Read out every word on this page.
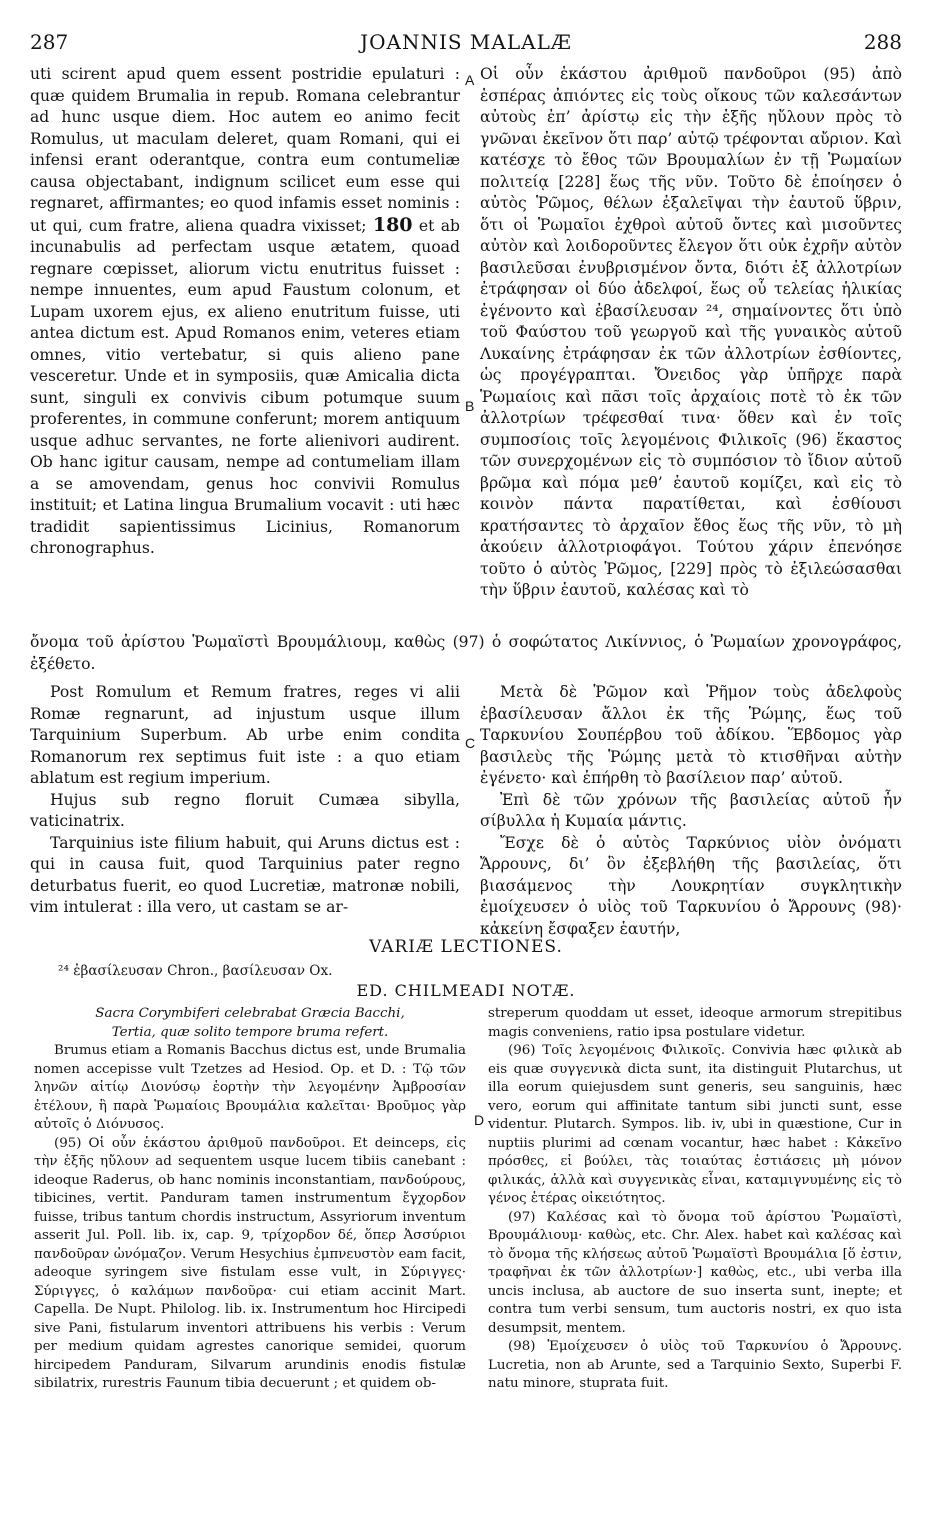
287	JOANNIS MALALÆ	288

uti scirent apud quem essent postridie epulaturi : quæ quidem Brumalia in repub. Romana celebrantur ad hunc usque diem. Hoc autem eo animo fecit Romulus, ut maculam deleret, quam Romani, qui ei infensi erant oderantque, contra eum contumeliæ causa objectabant, indignum scilicet eum esse qui regnaret, affirmantes; eo quod infamis esset nominis : ut qui, cum fratre, aliena quadra vixisset; 180 et ab incunabulis ad perfectam usque ætatem, quoad regnare cœpisset, aliorum victu enutritus fuisset : nempe innuentes, eum apud Faustum colonum, et Lupam uxorem ejus, ex alieno enutritum fuisse, uti antea dictum est. Apud Romanos enim, veteres etiam omnes, vitio vertebatur, si quis alieno pane vesceretur. Unde et in symposiis, quæ Amicalia dicta sunt, singuli ex convivis cibum potumque suum proferentes, in commune conferunt; morem antiquum usque adhuc servantes, ne forte alienivori audirent. Ob hanc igitur causam, nempe ad contumeliam illam a se amovendam, genus hoc convivii Romulus instituit; et Latina lingua Brumalium vocavit : uti hæc tradidit sapientissimus Licinius, Romanorum chronographus.

A
B

Οἱ οὖν ἑκάστου ἀριθμοῦ πανδοῦροι (95) ἀπὸ ἑσπέρας ἀπιόντες εἰς τοὺς οἴκους τῶν καλεσάντων αὐτοὺς ἐπ’ ἀρίστῳ εἰς τὴν ἑξῆς ηὔλουν πρὸς τὸ γνῶναι ἐκεῖνον ὅτι παρ’ αὐτῷ τρέφονται αὔριον. Καὶ κατέσχε τὸ ἔθος τῶν Βρουμαλίων ἐν τῇ Ῥωμαίων πολιτείᾳ [228] ἕως τῆς νῦν. Τοῦτο δὲ ἐποίησεν ὁ αὐτὸς Ῥῶμος, θέλων ἐξαλεῖψαι τὴν ἑαυτοῦ ὕβριν, ὅτι οἱ Ῥωμαῖοι ἐχθροὶ αὐτοῦ ὄντες καὶ μισοῦντες αὐτὸν καὶ λοιδοροῦντες ἔλεγον ὅτι οὐκ ἐχρῆν αὐτὸν βασιλεῦσαι ἐνυβρισμένον ὄντα, διότι ἐξ ἀλλοτρίων ἐτράφησαν οἱ δύο ἀδελφοί, ἕως οὗ τελείας ἡλικίας ἐγένοντο καὶ ἐβασίλευσαν ²⁴, σημαίνοντες ὅτι ὑπὸ τοῦ Φαύστου τοῦ γεωργοῦ καὶ τῆς γυναικὸς αὐτοῦ Λυκαίνης ἐτράφησαν ἐκ τῶν ἀλλοτρίων ἐσθίοντες, ὡς προγέγραπται. Ὄνειδος γὰρ ὑπῆρχε παρὰ Ῥωμαίοις καὶ πᾶσι τοῖς ἀρχαίοις ποτὲ τὸ ἐκ τῶν ἀλλοτρίων τρέφεσθαί τινα· ὅθεν καὶ ἐν τοῖς συμποσίοις τοῖς λεγομένοις Φιλικοῖς (96) ἕκαστος τῶν συνερχομένων εἰς τὸ συμπόσιον τὸ ἴδιον αὐτοῦ βρῶμα καὶ πόμα μεθ’ ἑαυτοῦ κομίζει, καὶ εἰς τὸ κοινὸν πάντα παρατίθεται, καὶ ἐσθίουσι κρατήσαντες τὸ ἀρχαῖον ἔθος ἕως τῆς νῦν, τὸ μὴ ἀκούειν ἀλλοτριοφάγοι. Τούτου χάριν ἐπενόησε τοῦτο ὁ αὐτὸς Ῥῶμος, [229] πρὸς τὸ ἐξιλεώσασθαι τὴν ὕβριν ἑαυτοῦ, καλέσας καὶ τὸ

ὄνομα τοῦ ἀρίστου Ῥωμαϊστὶ Βρουμάλιουμ, καθὼς (97) ὁ σοφώτατος Λικίννιος, ὁ Ῥωμαίων χρονογράφος, ἐξέθετο.

Post Romulum et Remum fratres, reges vi alii Romæ regnarunt, ad injustum usque illum Tarquinium Superbum. Ab urbe enim condita Romanorum rex septimus fuit iste : a quo etiam ablatum est regium imperium.

Hujus sub regno floruit Cumæa sibylla, vaticinatrix.

Tarquinius iste filium habuit, qui Aruns dictus est : qui in causa fuit, quod Tarquinius pater regno deturbatus fuerit, eo quod Lucretiæ, matronæ nobili, vim intulerat : illa vero, ut castam se ar-

C

Μετὰ δὲ Ῥῶμον καὶ Ῥῆμον τοὺς ἀδελφοὺς ἐβασίλευσαν ἄλλοι ἐκ τῆς Ῥώμης, ἕως τοῦ Ταρκυνίου Σουπέρβου τοῦ ἀδίκου. Ἕβδομος γὰρ βασιλεὺς τῆς Ῥώμης μετὰ τὸ κτισθῆναι αὐτὴν ἐγένετο· καὶ ἐπήρθη τὸ βασίλειον παρ’ αὐτοῦ.

Ἐπὶ δὲ τῶν χρόνων τῆς βασιλείας αὐτοῦ ἦν σίβυλλα ἡ Κυμαία μάντις.

Ἔσχε δὲ ὁ αὐτὸς Ταρκύνιος υἱὸν ὀνόματι Ἄρρουνς, δι’ ὃν ἐξεβλήθη τῆς βασιλείας, ὅτι βιασάμενος τὴν Λουκρητίαν συγκλητικὴν ἐμοίχευσεν ὁ υἱὸς τοῦ Ταρκυνίου ὁ Ἄρρουνς (98)· κἀκείνη ἔσφαξεν ἑαυτήν,

VARIÆ LECTIONES.

²⁴ ἐβασίλευσαν Chron., βασίλευσαν Ox.

ED. CHILMEADI NOTÆ.

Sacra Corymbiferi celebrabat Græcia Bacchi,

Tertia, quæ solito tempore bruma refert.

Brumus etiam a Romanis Bacchus dictus est, unde Brumalia nomen accepisse vult Tzetzes ad Hesiod. Op. et D. : Τῷ τῶν ληνῶν αἰτίῳ Διονύσῳ ἑορτὴν τὴν λεγομένην Ἀμβροσίαν ἐτέλουν, ἣ παρὰ Ῥωμαίοις Βρουμάλια καλεῖται· Βροῦμος γὰρ αὐτοῖς ὁ Διόνυσος.

(95) Οἱ οὖν ἑκάστου ἀριθμοῦ πανδοῦροι. Et deinceps, εἰς τὴν ἑξῆς ηὔλουν ad sequentem usque lucem tibiis canebant : ideoque Raderus, ob hanc nominis inconstantiam, πανδούρους, tibicines, vertit. Panduram tamen instrumentum ἔγχορδον fuisse, tribus tantum chordis instructum, Assyriorum inventum asserit Jul. Poll. lib. ix, cap. 9, τρίχορδον δέ, ὅπερ Ἀσσύριοι πανδοῦραν ὠνόμαζον. Verum Hesychius ἐμπνευστὸν eam facit, adeoque syringem sive fistulam esse vult, in Σύριγγες· Σύριγγες, ὁ καλάμων πανδοῦρα· cui etiam accinit Mart. Capella. De Nupt. Philolog. lib. ix. Instrumentum hoc Hircipedi sive Pani, fistularum inventori attribuens his verbis : Verum per medium quidam agrestes canorique semidei, quorum hircipedem Panduram, Silvarum arundinis enodis fistulæ sibilatrix, rurestris Faunum tibia decuerunt ; et quidem ob-

D

streperum quoddam ut esset, ideoque armorum strepitibus magis conveniens, ratio ipsa postulare videtur.

(96) Τοῖς λεγομένοις Φιλικοῖς. Convivia hæc φιλικὰ ab eis quæ συγγενικὰ dicta sunt, ita distinguit Plutarchus, ut illa eorum quiejusdem sunt generis, seu sanguinis, hæc vero, eorum qui affinitate tantum sibi juncti sunt, esse videntur. Plutarch. Sympos. lib. iv, ubi in quæstione, Cur in nuptiis plurimi ad cœnam vocantur, hæc habet : Κἀκεῖνο πρόσθες, εἰ βούλει, τὰς τοιαύτας ἑστιάσεις μὴ μόνον φιλικάς, ἀλλὰ καὶ συγγενικὰς εἶναι, καταμιγνυμένης εἰς τὸ γένος ἑτέρας οἰκειότητος.

(97) Καλέσας καὶ τὸ ὄνομα τοῦ ἀρίστου Ῥωμαϊστὶ, Βρουμάλιουμ· καθὼς, etc. Chr. Alex. habet καὶ καλέσας καὶ τὸ ὄνομα τῆς κλήσεως αὐτοῦ Ῥωμαϊστὶ Βρουμάλια [ὅ ἐστιν, τραφῆναι ἐκ τῶν ἀλλοτρίων·] καθὼς, etc., ubi verba illa uncis inclusa, ab auctore de suo inserta sunt, inepte; et contra tum verbi sensum, tum auctoris nostri, ex quo ista desumpsit, mentem.

(98) Ἐμοίχευσεν ὁ υἱὸς τοῦ Ταρκυνίου ὁ Ἄρρουνς. Lucretia, non ab Arunte, sed a Tarquinio Sexto, Superbi F. natu minore, stuprata fuit.
